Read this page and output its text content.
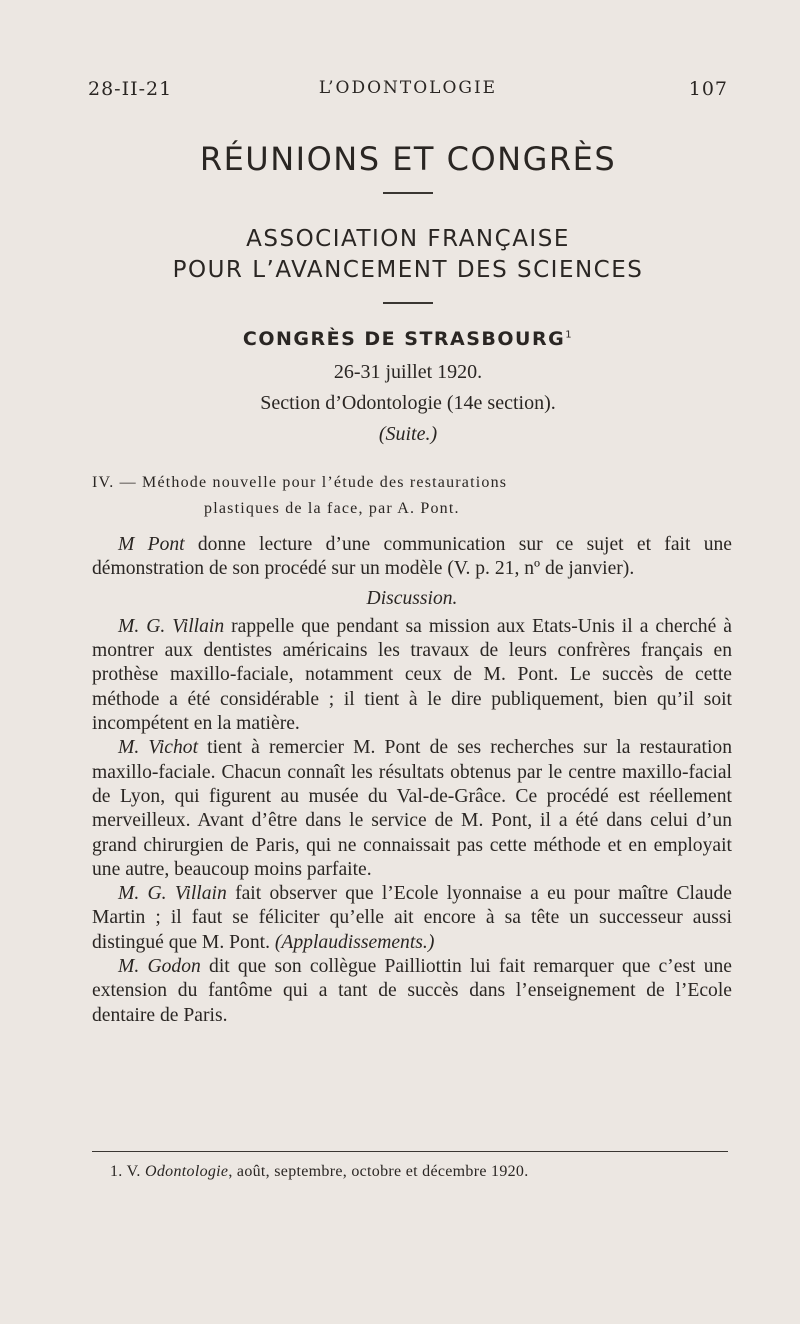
28-II-21	L’ODONTOLOGIE	107
RÉUNIONS ET CONGRÈS
ASSOCIATION FRANÇAISE
POUR L’AVANCEMENT DES SCIENCES
CONGRÈS DE STRASBOURG$^1$
26-31 juillet 1920.
Section d’Odontologie (14e section).
(Suite.)
IV. — Méthode nouvelle pour l’étude des restaurations
plastiques de la face, par A. Pont.

M Pont donne lecture d’une communication sur ce sujet et fait une démonstration de son procédé sur un modèle (V. p. 21, nº de janvier).

Discussion.

M. G. Villain rappelle que pendant sa mission aux Etats-Unis il a cherché à montrer aux dentistes américains les travaux de leurs confrères français en prothèse maxillo-faciale, notamment ceux de M. Pont. Le succès de cette méthode a été considérable ; il tient à le dire publiquement, bien qu’il soit incompétent en la matière.

M. Vichot tient à remercier M. Pont de ses recherches sur la restauration maxillo-faciale. Chacun connaît les résultats obtenus par le centre maxillo-facial de Lyon, qui figurent au musée du Val-de-Grâce. Ce procédé est réellement merveilleux. Avant d’être dans le service de M. Pont, il a été dans celui d’un grand chirurgien de Paris, qui ne connaissait pas cette méthode et en employait une autre, beaucoup moins parfaite.

M. G. Villain fait observer que l’Ecole lyonnaise a eu pour maître Claude Martin ; il faut se féliciter qu’elle ait encore à sa tête un successeur aussi distingué que M. Pont. (Applaudissements.)

M. Godon dit que son collègue Pailliottin lui fait remarquer que c’est une extension du fantôme qui a tant de succès dans l’enseignement de l’Ecole dentaire de Paris.

1. V. Odontologie, août, septembre, octobre et décembre 1920.
